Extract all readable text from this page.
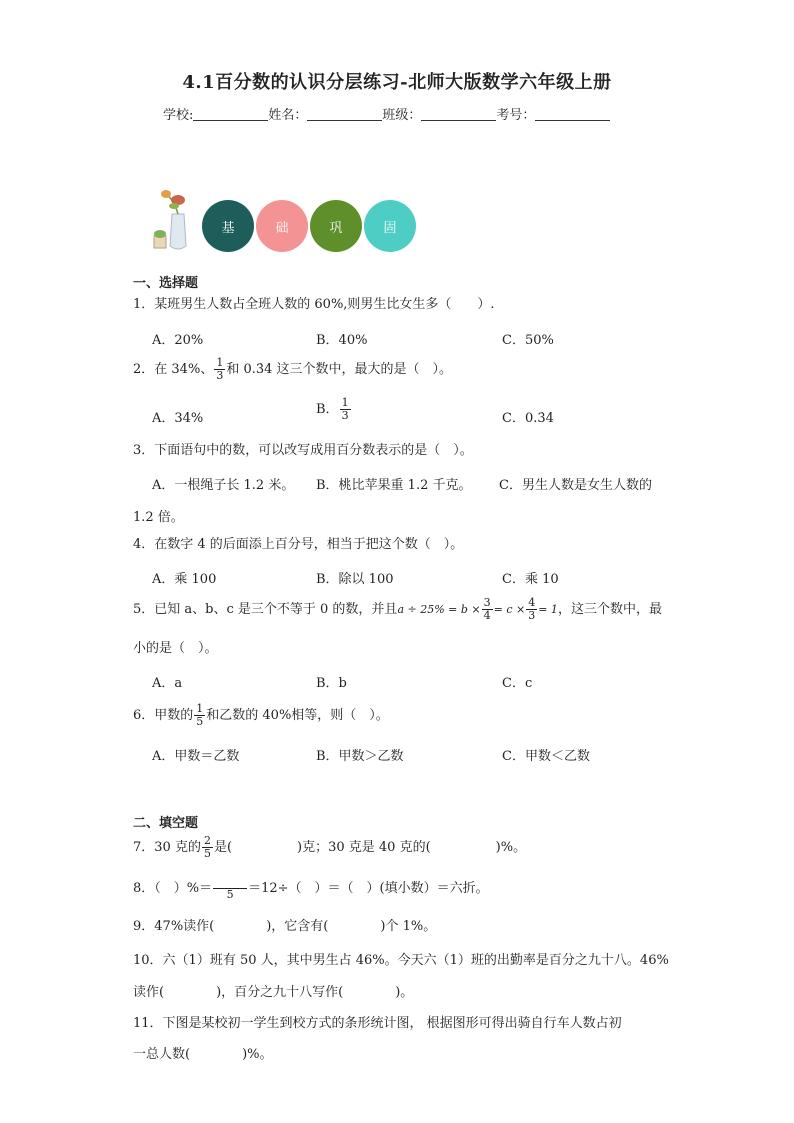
4.1百分数的认识分层练习-北师大版数学六年级上册
学校:	姓名：	班级：	考号：
基	础	巩	固
一、选择题
1．某班男生人数占全班人数的 60%,则男生比女生多（　　）.
A．20%	B．40%	C．50%
2．在 34%、 $\frac{1}{3}$ 和 0.3̇4̇ 这三个数中，最大的是（　）。
A．34%
B． $\frac{1}{3}$	C．0.3̇4̇
3．下面语句中的数，可以改写成用百分数表示的是（　）。
A．一根绳子长 1.2 米。 B．桃比苹果重 1.2 千克。 C．男生人数是女生人数的
1.2 倍。
4．在数字 4 的后面添上百分号，相当于把这个数（　）。
A．乘 100	B．除以 100	C．乘 10
5．已知 a、b、c 是三个不等于 0 的数，并且$a \div 25\% = b \times \frac{3}{4} = c \times \frac{4}{3} = 1$，这三个数中，最
小的是（　）。
A．a	B．b	C．c
6．甲数的 $\frac{1}{5}$ 和乙数的 40%相等，则（　）。
A．甲数＝乙数	B．甲数＞乙数	C．甲数＜乙数
二、填空题
7．30 克的 $\frac{2}{5}$ 是(　　　　　)克；30 克是 40 克的(　　　　　)%。
8．（　）%＝ 5 ＝12÷（　）＝（　）(填小数）＝六折。
9．47%读作(　　　　)，它含有(　　　　)个 1%。
10．六（1）班有 50 人，其中男生占 46%。今天六（1）班的出勤率是百分之九十八。46%
读作(　　　　)，百分之九十八写作(　　　　)。
11．下图是某校初一学生到校方式的条形统计图， 根据图形可得出骑自行车人数占初
一总人数(　　　　)%。
